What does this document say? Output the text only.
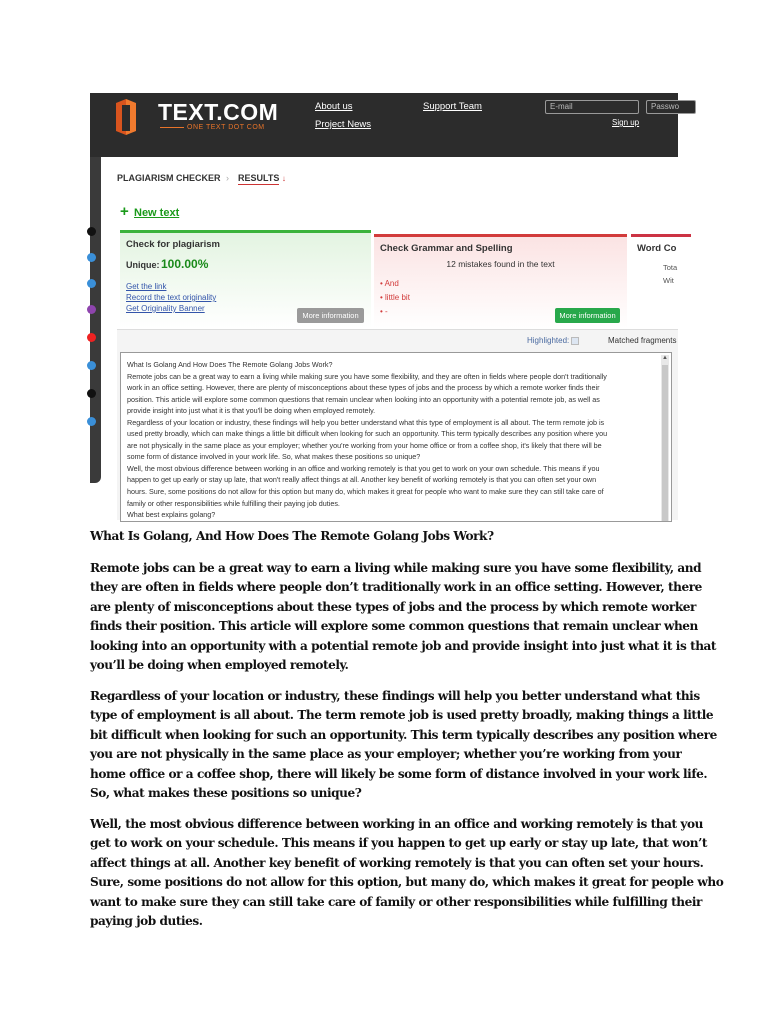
TEXT.COM
ONE TEXT DOT COM
About us
Project News
Support Team	E-mail	Passwo
Sign up
PLAGIARISM CHECKER › RESULTS ↓
+ New text
Check for plagiarism
Unique: 100.00%
Get the link
Record the text originality
Get Originality Banner
More information
Check Grammar and Spelling
12 mistakes found in the text
• And
• little bit
• -	More information
Word Co
Tota
Wit
Highlighted:	Matched fragments

What Is Golang And How Does The Remote Golang Jobs Work?

Remote jobs can be a great way to earn a living while making sure you have some flexibility, and they are often in fields where people don't traditionally

work in an office setting. However, there are plenty of misconceptions about these types of jobs and the process by which a remote worker finds their

position. This article will explore some common questions that remain unclear when looking into an opportunity with a potential remote job, as well as

provide insight into just what it is that you'll be doing when employed remotely.

Regardless of your location or industry, these findings will help you better understand what this type of employment is all about. The term remote job is

used pretty broadly, which can make things a little bit difficult when looking for such an opportunity. This term typically describes any position where you

are not physically in the same place as your employer; whether you're working from your home office or from a coffee shop, it's likely that there will be

some form of distance involved in your work life. So, what makes these positions so unique?

Well, the most obvious difference between working in an office and working remotely is that you get to work on your own schedule. This means if you

happen to get up early or stay up late, that won't really affect things at all. Another key benefit of working remotely is that you can often set your own

hours. Sure, some positions do not allow for this option but many do, which makes it great for people who want to make sure they can still take care of

family or other responsibilities while fulfilling their paying job duties.

What best explains golang?

▲
What Is Golang, And How Does The Remote Golang Jobs Work?

Remote jobs can be a great way to earn a living while making sure you have some flexibility, and
they are often in fields where people don’t traditionally work in an office setting. However, there
are plenty of misconceptions about these types of jobs and the process by which remote worker
finds their position. This article will explore some common questions that remain unclear when
looking into an opportunity with a potential remote job and provide insight into just what it is that
you’ll be doing when employed remotely.

Regardless of your location or industry, these findings will help you better understand what this
type of employment is all about. The term remote job is used pretty broadly, making things a little
bit difficult when looking for such an opportunity. This term typically describes any position where
you are not physically in the same place as your employer; whether you’re working from your
home office or a coffee shop, there will likely be some form of distance involved in your work life.
So, what makes these positions so unique?

Well, the most obvious difference between working in an office and working remotely is that you
get to work on your schedule. This means if you happen to get up early or stay up late, that won’t
affect things at all. Another key benefit of working remotely is that you can often set your hours.
Sure, some positions do not allow for this option, but many do, which makes it great for people who
want to make sure they can still take care of family or other responsibilities while fulfilling their
paying job duties.
